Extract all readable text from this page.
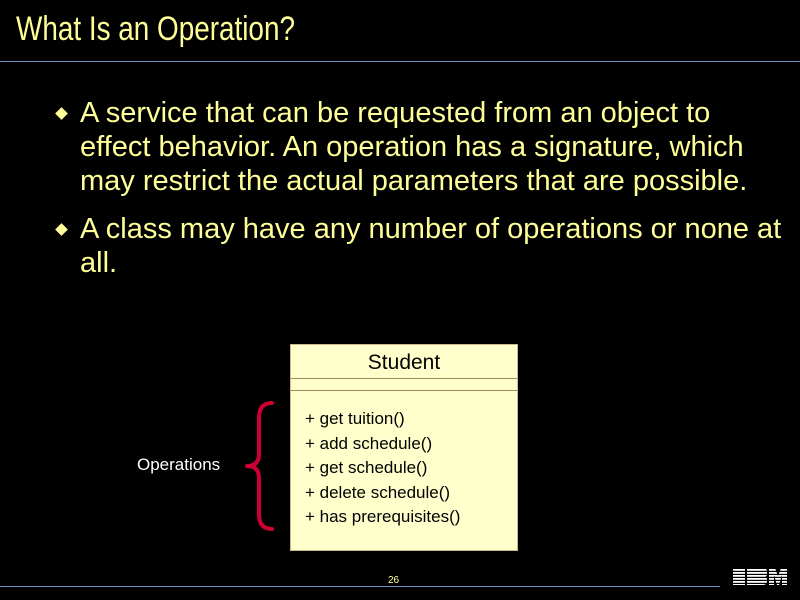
What Is an Operation?
A service that can be requested from an object to effect behavior. An operation has a signature, which may restrict the actual parameters that are possible.
A class may have any number of operations or none at all.
Operations
Student
+ get tuition()
+ add schedule()
+ get schedule()
+ delete schedule()
+ has prerequisites()
26
